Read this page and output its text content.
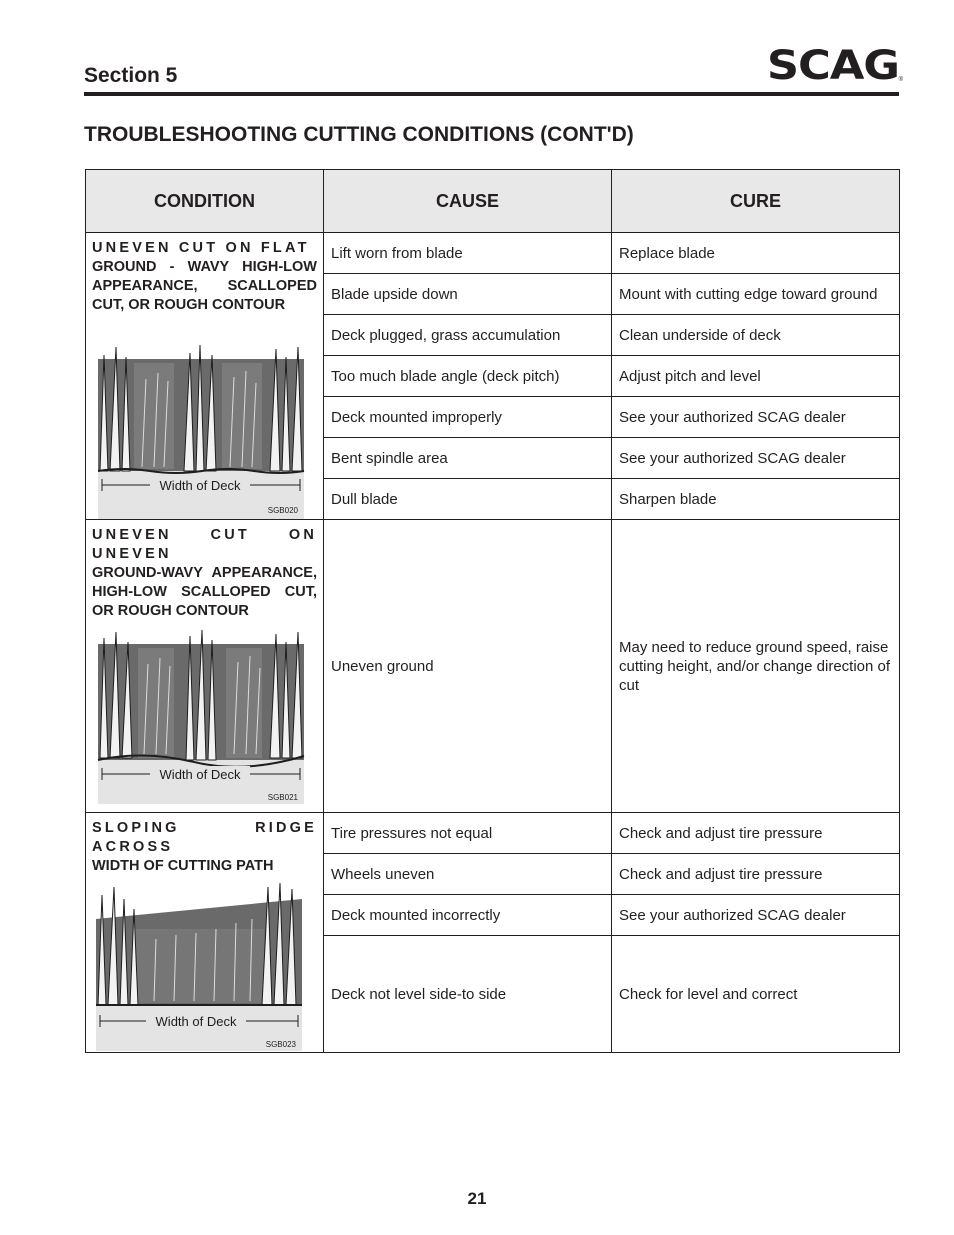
Section 5	SCAG ®
TROUBLESHOOTING CUTTING CONDITIONS (CONT'D)
CONDITION	CAUSE	CURE

UNEVEN CUT ON FLAT
GROUND - WAVY HIGH-LOW APPEARANCE, SCALLOPED CUT, OR ROUGH CONTOUR
Width of Deck
SGB020	Lift worn from blade	Replace blade
	Blade upside down	Mount with cutting edge toward ground
	Deck plugged, grass accumulation	Clean underside of deck
	Too much blade angle (deck pitch)	Adjust pitch and level
	Deck mounted improperly	See your authorized SCAG dealer
	Bent spindle area	See your authorized SCAG dealer
	Dull blade	Sharpen blade

UNEVEN CUT ON UNEVEN
GROUND-WAVY APPEARANCE, HIGH-LOW SCALLOPED CUT, OR ROUGH CONTOUR
Width of Deck
SGB021	Uneven ground	May need to reduce ground speed, raise cutting height, and/or change direction of cut

SLOPING RIDGE ACROSS
WIDTH OF CUTTING PATH
Width of Deck
SGB023	Tire pressures not equal	Check and adjust tire pressure
	Wheels uneven	Check and adjust tire pressure
	Deck mounted incorrectly	See your authorized SCAG dealer
	Deck not level side-to side	Check for level and correct
21
